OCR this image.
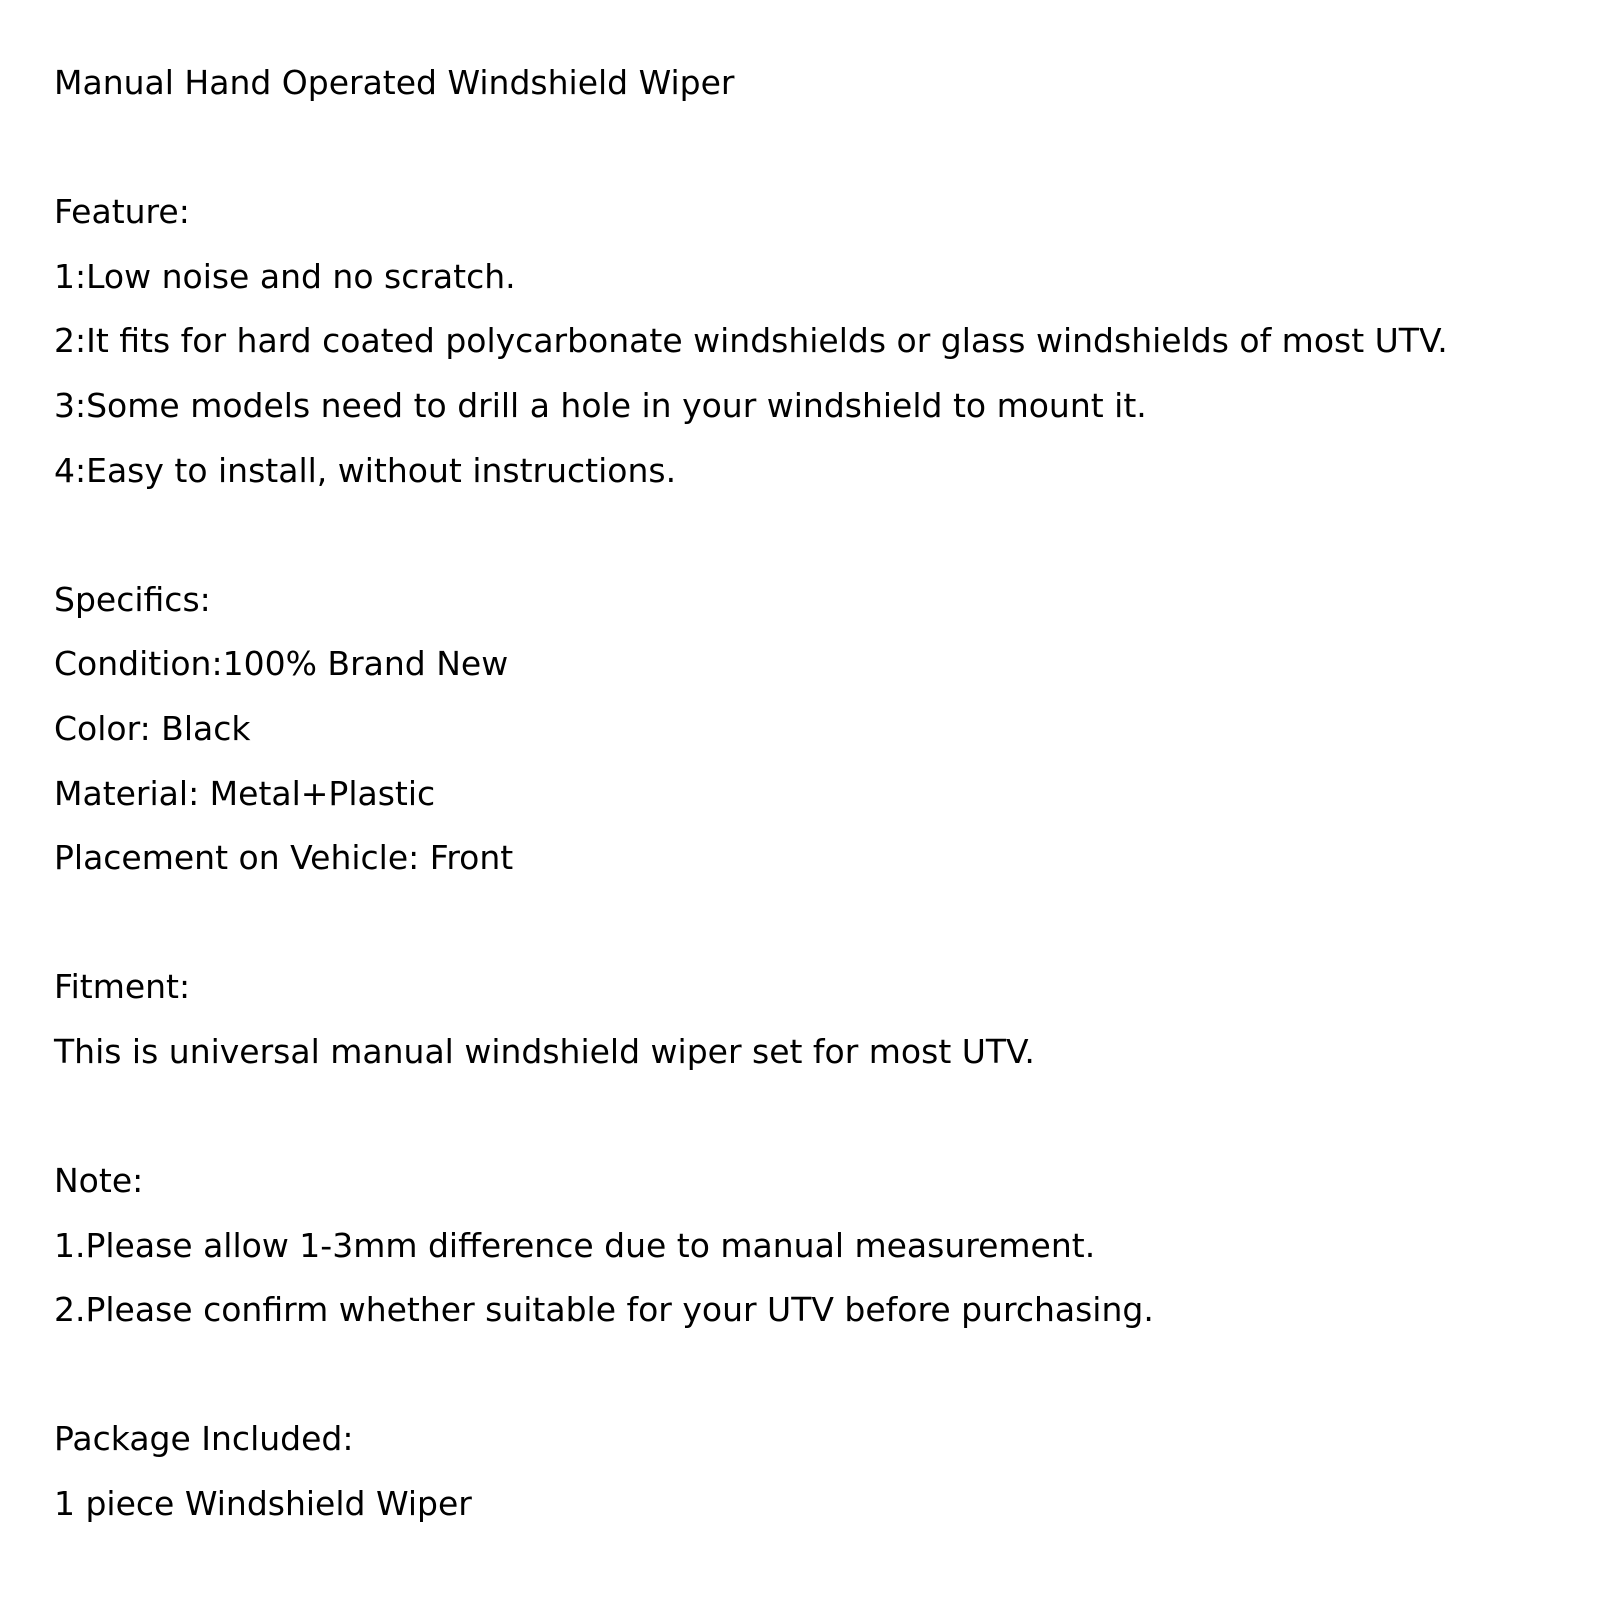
Manual Hand Operated Windshield Wiper
Feature:
1:Low noise and no scratch.
2:It fits for hard coated polycarbonate windshields or glass windshields of most UTV.
3:Some models need to drill a hole in your windshield to mount it.
4:Easy to install, without instructions.
Specifics:
Condition:100% Brand New
Color: Black
Material: Metal+Plastic
Placement on Vehicle: Front
Fitment:
This is universal manual windshield wiper set for most UTV.
Note:
1.Please allow 1-3mm difference due to manual measurement.
2.Please confirm whether suitable for your UTV before purchasing.
Package Included:
1 piece Windshield Wiper
